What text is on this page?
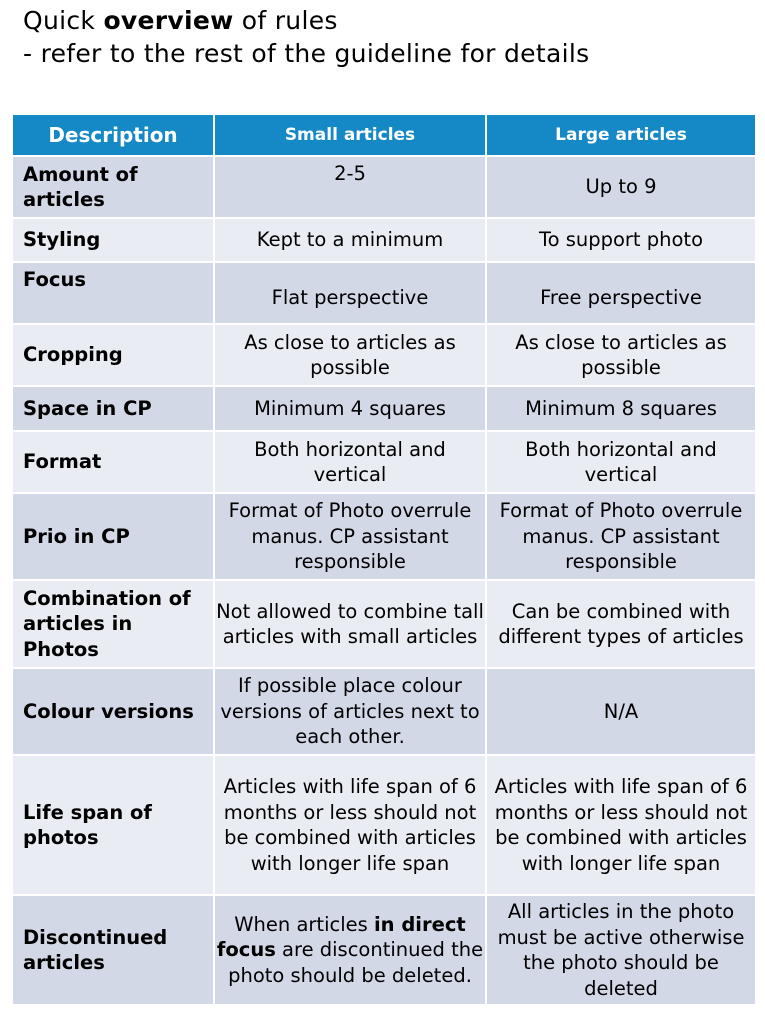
Quick overview of rules
- refer to the rest of the guideline for details
Description	Small articles	Large articles
Amount of articles	2-5	Up to 9
Styling	Kept to a minimum	To support photo
Focus	Flat perspective	Free perspective
Cropping	As close to articles as possible	As close to articles as possible
Space in CP	Minimum 4 squares	Minimum 8 squares
Format	Both horizontal and vertical	Both horizontal and vertical
Prio in CP	Format of Photo overrule manus. CP assistant responsible	Format of Photo overrule manus. CP assistant responsible
Combination of articles in Photos	Not allowed to combine tall articles with small articles	Can be combined with different types of articles
Colour versions	If possible place colour versions of articles next to each other.	N/A
Life span of photos	Articles with life span of 6 months or less should not be combined with articles with longer life span	Articles with life span of 6 months or less should not be combined with articles with longer life span
Discontinued articles	When articles in direct focus are discontinued the photo should be deleted.	All articles in the photo must be active otherwise the photo should be deleted
